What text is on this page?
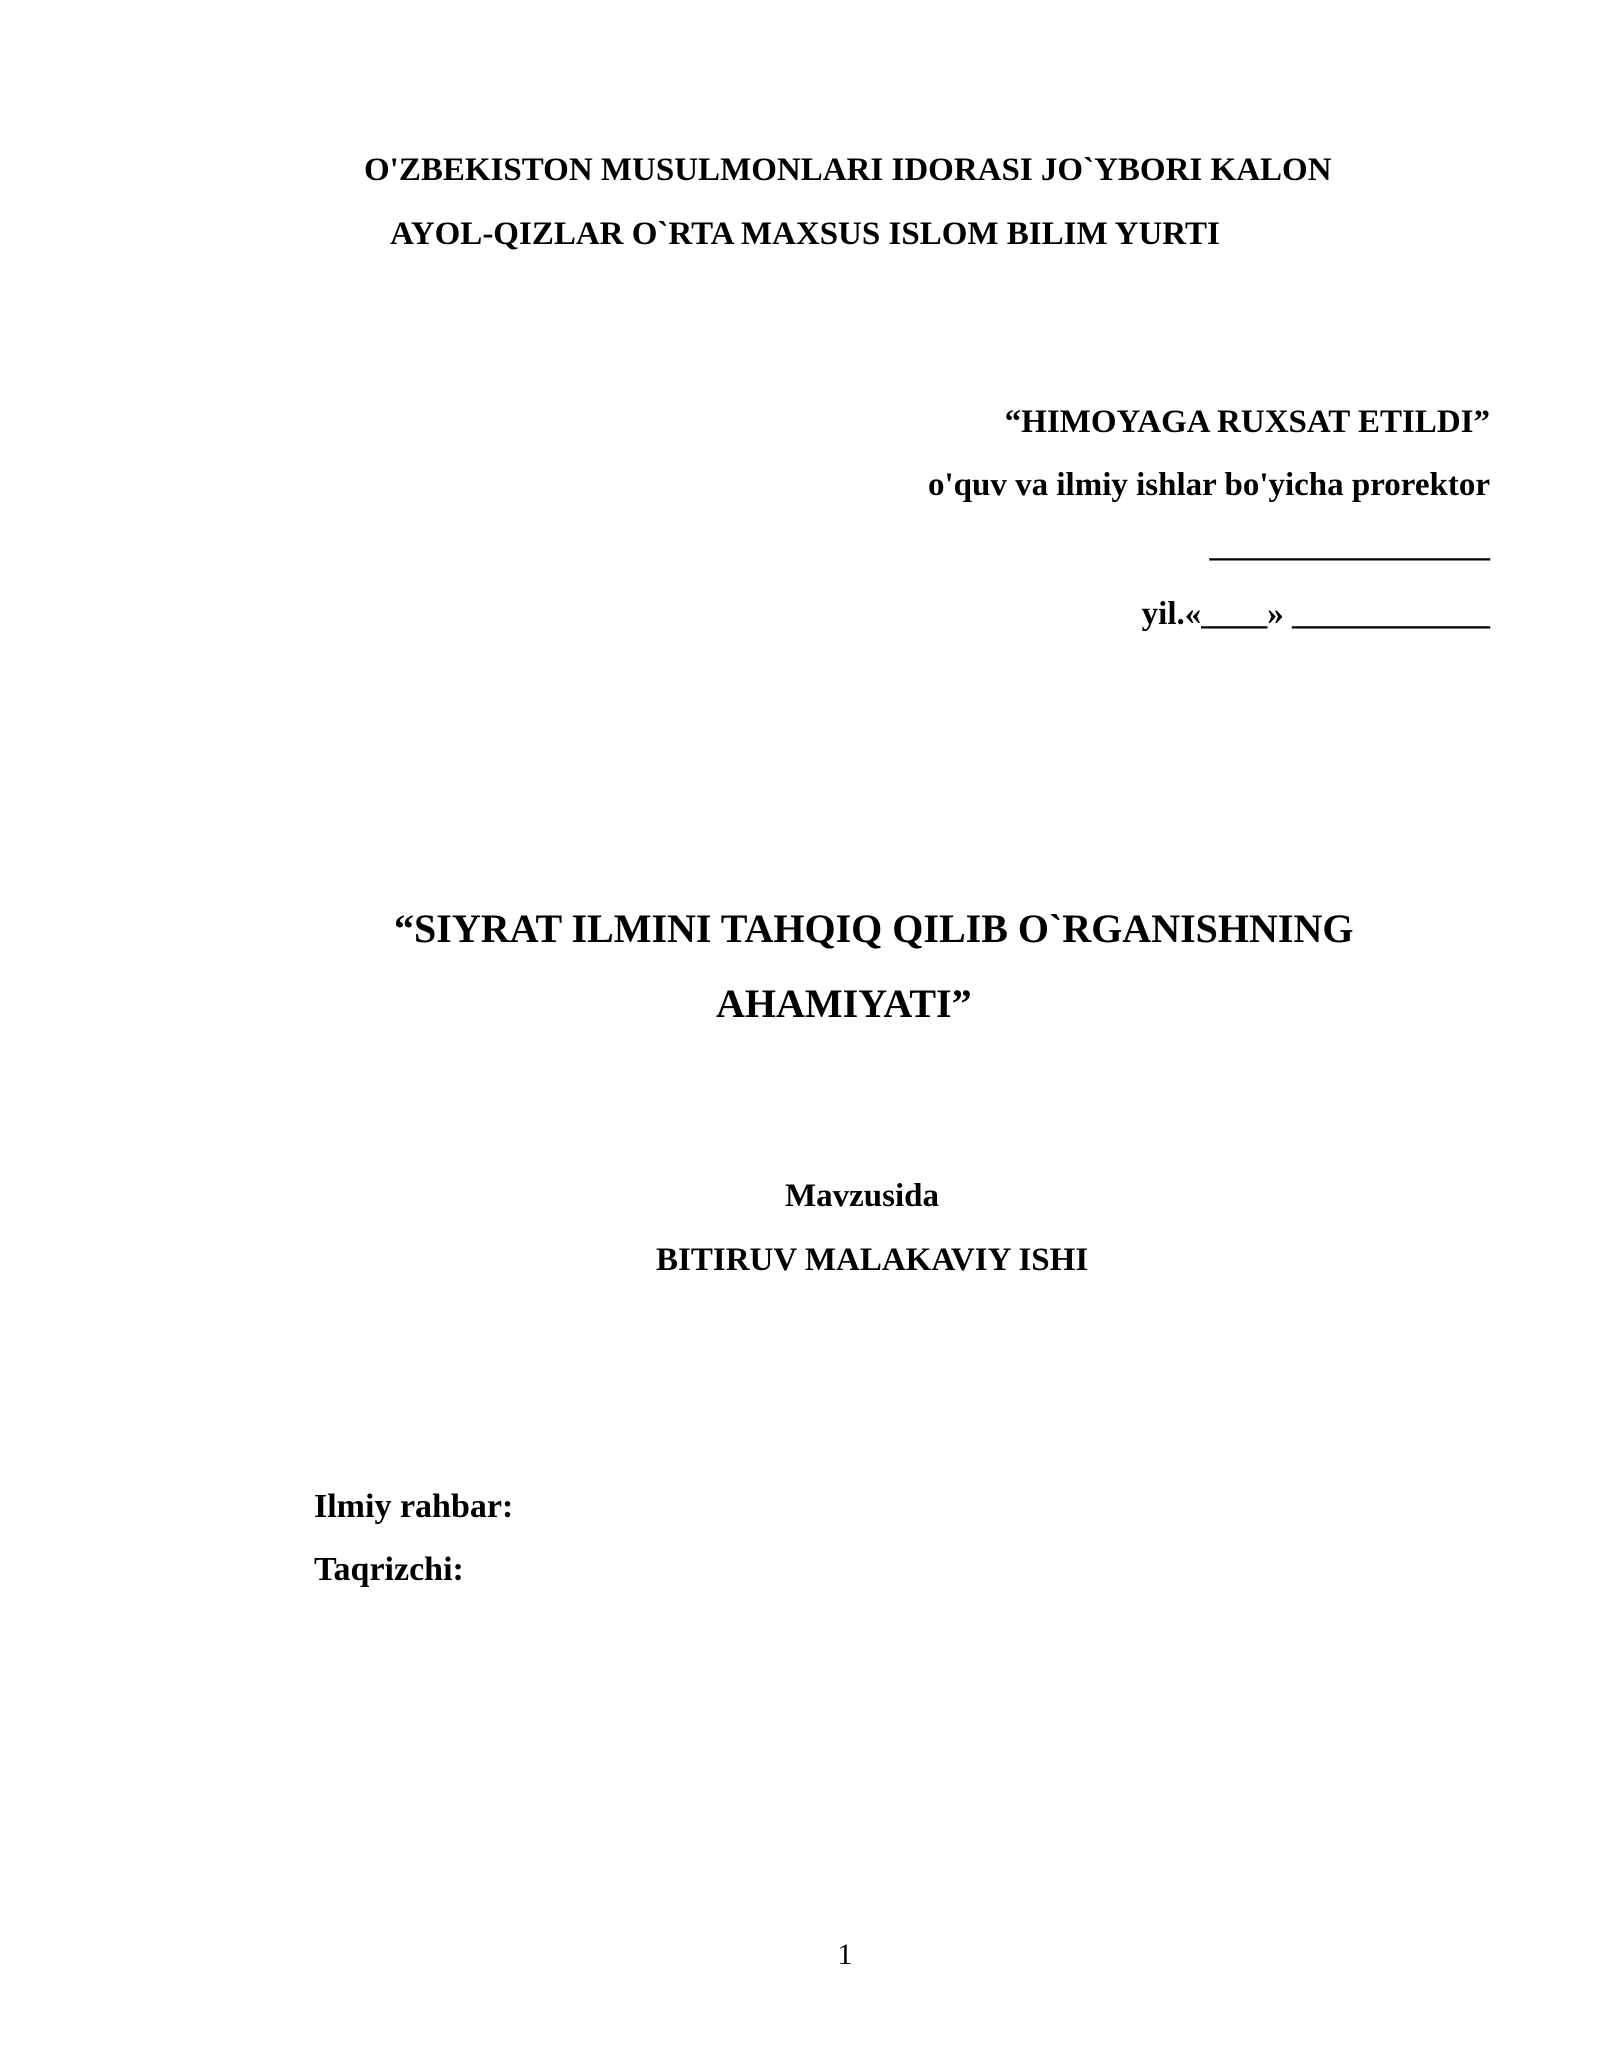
O'ZBEKISTON MUSULMONLARI IDORASI JO`YBORI KALON
AYOL-QIZLAR O`RTA MAXSUS ISLOM BILIM YURTI
“HIMOYAGA RUXSAT ETILDI”
o'quv va ilmiy ishlar bo'yicha prorektor
_________________
yil.«____» ____________
“SIYRAT ILMINI TAHQIQ QILIB O`RGANISHNING
AHAMIYATI”
Mavzusida
BITIRUV MALAKAVIY ISHI
Ilmiy rahbar:
Taqrizchi:
1
